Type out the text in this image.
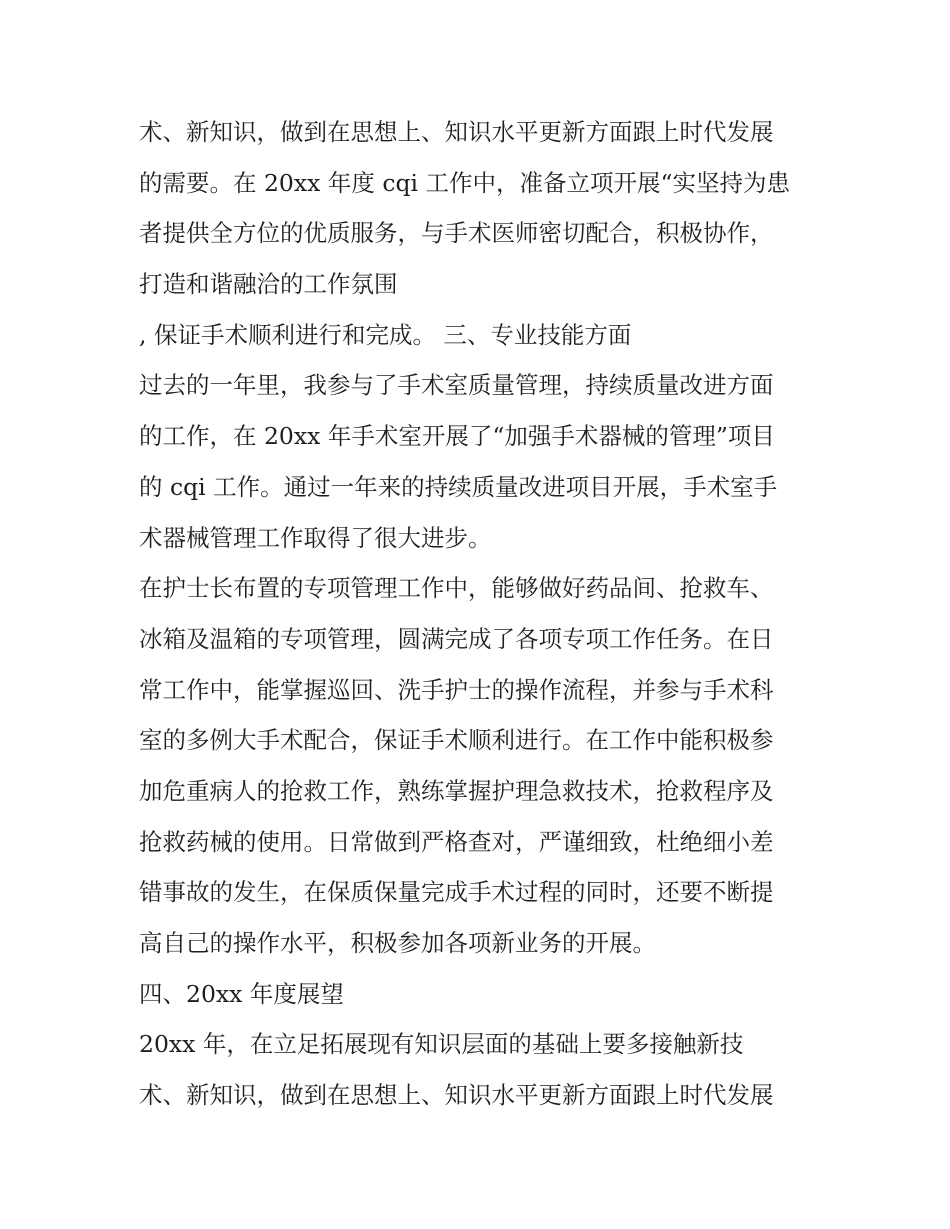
术、新知识，做到在思想上、知识水平更新方面跟上时代发展

的需要。在 20xx 年度 cqi 工作中，准备立项开展“实坚持为患

者提供全方位的优质服务，与手术医师密切配合，积极协作，

打造和谐融洽的工作氛围

, 保证手术顺利进行和完成。 三、专业技能方面

过去的一年里，我参与了手术室质量管理，持续质量改进方面

的工作，在 20xx 年手术室开展了“加强手术器械的管理”项目

的 cqi 工作。通过一年来的持续质量改进项目开展，手术室手

术器械管理工作取得了很大进步。

在护士长布置的专项管理工作中，能够做好药品间、抢救车、

冰箱及温箱的专项管理，圆满完成了各项专项工作任务。在日

常工作中，能掌握巡回、洗手护士的操作流程，并参与手术科

室的多例大手术配合，保证手术顺利进行。在工作中能积极参

加危重病人的抢救工作，熟练掌握护理急救技术，抢救程序及

抢救药械的使用。日常做到严格查对，严谨细致，杜绝细小差

错事故的发生，在保质保量完成手术过程的同时，还要不断提

高自己的操作水平，积极参加各项新业务的开展。

四、20xx 年度展望

20xx 年，在立足拓展现有知识层面的基础上要多接触新技

术、新知识，做到在思想上、知识水平更新方面跟上时代发展
